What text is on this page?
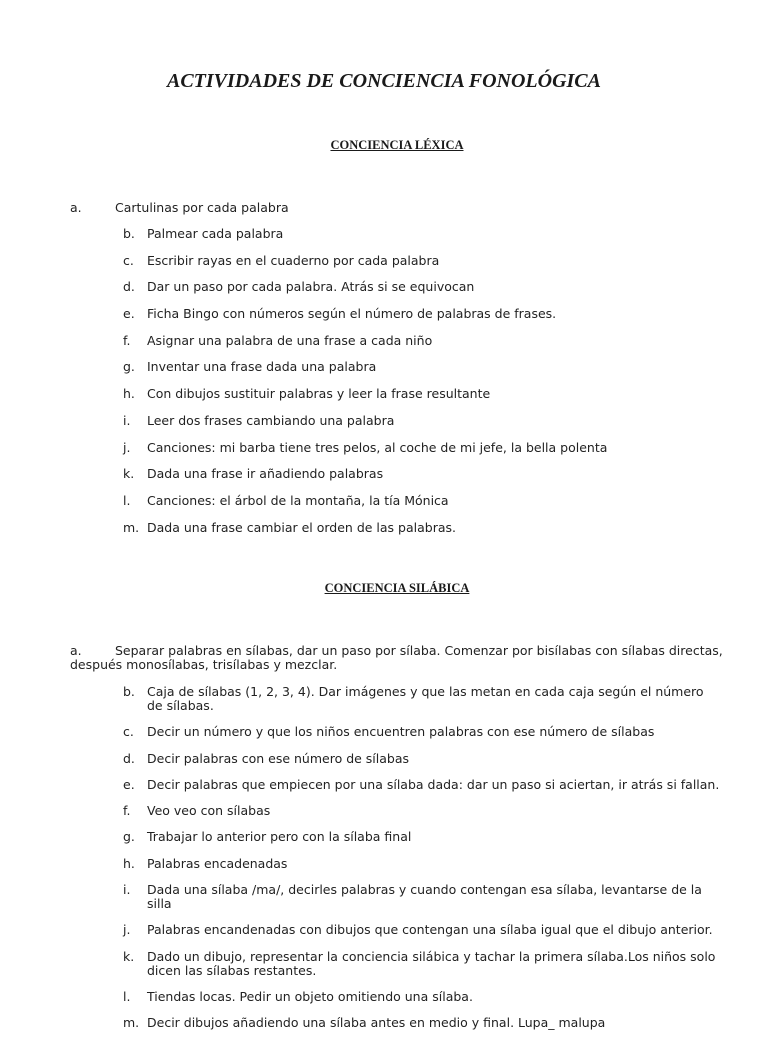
ACTIVIDADES DE CONCIENCIA FONOLÓGICA
CONCIENCIA LÉXICA
a.	Cartulinas por cada palabra
b. Palmear cada palabra
c. Escribir rayas en el cuaderno por cada palabra
d. Dar un paso por cada palabra. Atrás si se equivocan
e. Ficha Bingo con números según el número de palabras de frases.
f. Asignar una palabra de una frase a cada niño
g. Inventar una frase dada una palabra
h. Con dibujos sustituir palabras y leer la frase resultante
i. Leer dos frases cambiando una palabra
j. Canciones: mi barba tiene tres pelos, al coche de mi jefe, la bella polenta
k. Dada una frase ir añadiendo palabras
l. Canciones: el árbol de la montaña, la tía Mónica
m. Dada una frase cambiar el orden de las palabras.
CONCIENCIA SILÁBICA
a.	Separar palabras en sílabas, dar un paso por sílaba. Comenzar por bisílabas con sílabas directas, después monosílabas, trisílabas y mezclar.
b. Caja de sílabas (1, 2, 3, 4). Dar imágenes y que las metan en cada caja según el número de sílabas.
c. Decir un número y que los niños encuentren palabras con ese número de sílabas
d. Decir palabras con ese número de sílabas
e. Decir palabras que empiecen por una sílaba dada: dar un paso si aciertan, ir atrás si fallan.
f. Veo veo con sílabas
g. Trabajar lo anterior pero con la sílaba final
h. Palabras encadenadas
i. Dada una sílaba /ma/, decirles palabras y cuando contengan esa sílaba, levantarse de la silla
j. Palabras encandenadas con dibujos que contengan una sílaba igual que el dibujo anterior.
k. Dado un dibujo, representar la conciencia silábica y tachar la primera sílaba.Los niños solo dicen las sílabas restantes.
l. Tiendas locas. Pedir un objeto omitiendo una sílaba.
m. Decir dibujos añadiendo una sílaba antes en medio y final. Lupa_ malupa
